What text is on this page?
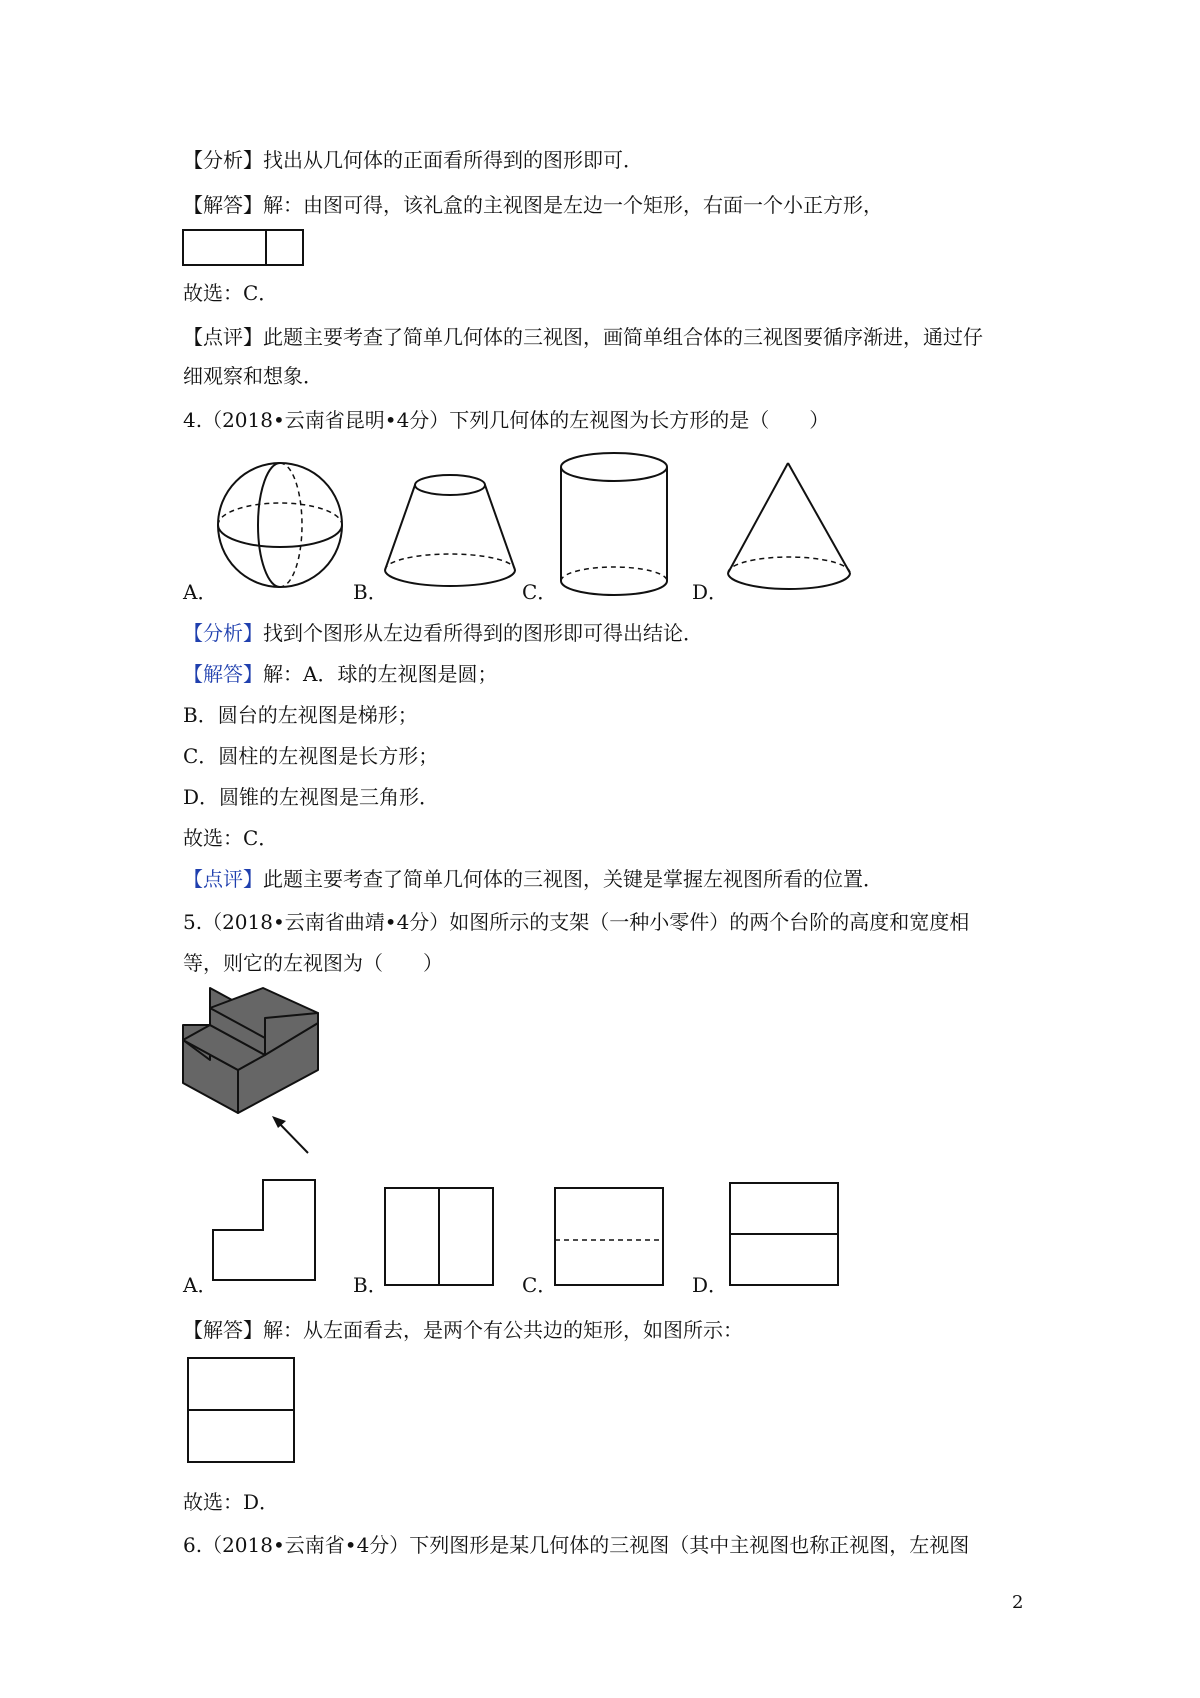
【分析】找出从几何体的正面看所得到的图形即可．
【解答】解：由图可得，该礼盒的主视图是左边一个矩形，右面一个小正方形，
故选：C．
【点评】此题主要考查了简单几何体的三视图，画简单组合体的三视图要循序渐进，通过仔
细观察和想象．
4.（2018•云南省昆明•4分）下列几何体的左视图为长方形的是（　　）
A．	B．	C．	D．
【分析】找到个图形从左边看所得到的图形即可得出结论．
【解答】解：A．球的左视图是圆；
B．圆台的左视图是梯形；
C．圆柱的左视图是长方形；
D．圆锥的左视图是三角形．
故选：C．
【点评】此题主要考查了简单几何体的三视图，关键是掌握左视图所看的位置．
5.（2018•云南省曲靖•4分）如图所示的支架（一种小零件）的两个台阶的高度和宽度相
等，则它的左视图为（　　）
A．	B．	C．	D．
【解答】解：从左面看去，是两个有公共边的矩形，如图所示：
故选：D．
6.（2018•云南省•4分）下列图形是某几何体的三视图（其中主视图也称正视图，左视图
2
